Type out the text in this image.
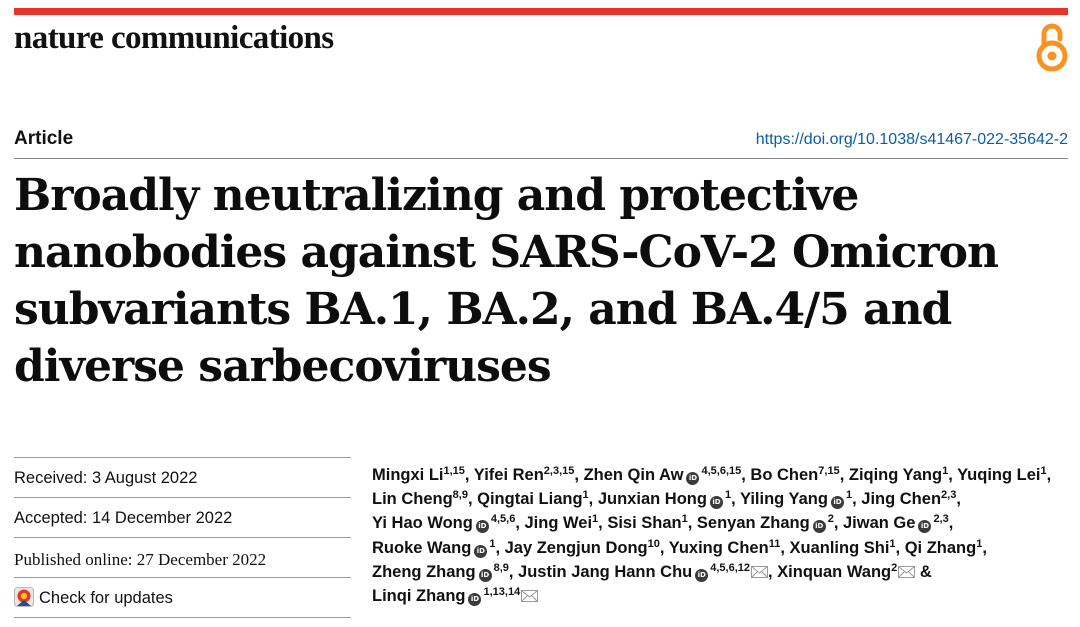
nature communications
Article	https://doi.org/10.1038/s41467-022-35642-2
Broadly neutralizing and protective
nanobodies against SARS-CoV-2 Omicron
subvariants BA.1, BA.2, and BA.4/5 and
diverse sarbecoviruses
Received: 3 August 2022
Accepted: 14 December 2022
Published online: 27 December 2022
Check for updates
Mingxi Li$^{1,15}$, Yifei Ren$^{2,3,15}$, Zhen Qin Aw iD$^{4,5,6,15}$, Bo Chen$^{7,15}$, Ziqing Yang$^1$, Yuqing Lei$^1$, Lin Cheng$^{8,9}$, Qingtai Liang$^1$, Junxian Hong $iD^1$, Yiling Yang $iD^1$, Jing Chen$^{2,3}$, Yi Hao Wong iD$^{4,5,6}$, Jing Wei$^1$, Sisi Shan$^1$, Senyan Zhang $iD^2$, Jiwan Ge iD$^{2,3}$, Ruoke Wang $iD^1$, Jay Zengjun Dong$^{10}$, Yuxing Chen$^{11}$, Xuanling Shi$^1$, Qi Zhang$^1$, Zheng Zhang iD$^{8,9}$, Justin Jang Hann Chu iD$^{4,5,6,12}$ , Xinquan Wang$^2$ & Linqi Zhang iD$^{1,13,14}$
